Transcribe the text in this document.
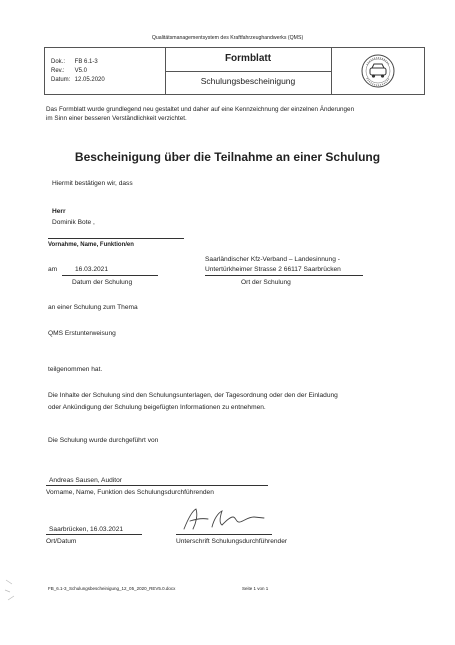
Qualitätsmanagementsystem des Kraftfahrzeughandwerks (QMS)
Dok.: FB 6.1-3
Rev.: V5.0
Datum: 12.05.2020
Formblatt
Schulungsbescheinigung
Das Formblatt wurde grundlegend neu gestaltet und daher auf eine Kennzeichnung der einzelnen Änderungen
im Sinn einer besseren Verständlichkeit verzichtet.
Bescheinigung über die Teilnahme an einer Schulung
Hiermit bestätigen wir, dass
Herr
Dominik Bote ,
Vornahme, Name, Funktion/en
am	16.03.2021
Datum der Schulung
Saarländischer Kfz-Verband – Landesinnung -
Untertürkheimer Strasse 2 66117 Saarbrücken
Ort der Schulung
an einer Schulung zum Thema
QMS Erstunterweisung
teilgenommen hat.
Die Inhalte der Schulung sind den Schulungsunterlagen, der Tagesordnung oder den der Einladung
oder Ankündigung der Schulung beigefügten Informationen zu entnehmen.
Die Schulung wurde durchgeführt von
Andreas Sausen, Auditor
Vorname, Name, Funktion des Schulungsdurchführenden
Saarbrücken, 16.03.2021
Ort/Datum	Unterschrift Schulungsdurchführender
FB_6.1-3_Schulungsbescheinigung_12_05_2020_REV5.0.docx	Seite 1 von 1
